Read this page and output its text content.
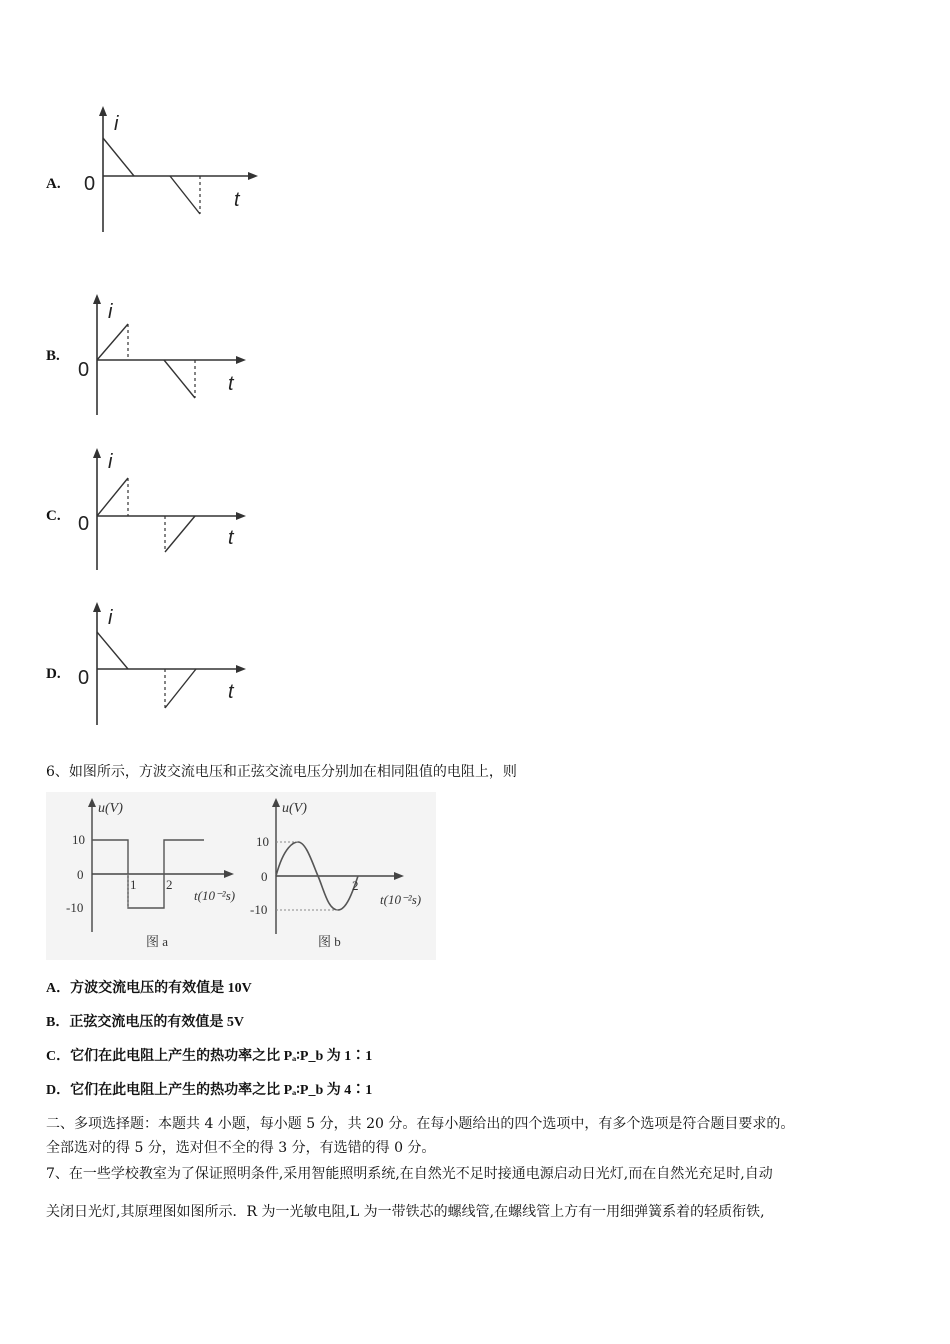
A.
i
0
t
B.
i
0
t
C.
i
0
t
D.
i
0
t
6、如图所示，方波交流电压和正弦交流电压分别加在相同阻值的电阻上，则
u(V)
10
0
-10
1 2
t(10⁻²s)
图 a
u(V)
10
0
-10
2
t(10⁻²s)
图 b
A．方波交流电压的有效值是 10V
B．正弦交流电压的有效值是 5V
C．它们在此电阻上产生的热功率之比 Pₐ∶P_b 为 1∶1
D．它们在此电阻上产生的热功率之比 Pₐ∶P_b 为 4∶1
二、多项选择题：本题共 4 小题，每小题 5 分，共 20 分。在每小题给出的四个选项中，有多个选项是符合题目要求的。
全部选对的得 5 分，选对但不全的得 3 分，有选错的得 0 分。
7、在一些学校教室为了保证照明条件,采用智能照明系统,在自然光不足时接通电源启动日光灯,而在自然光充足时,自动
关闭日光灯,其原理图如图所示．R 为一光敏电阻,L 为一带铁芯的螺线管,在螺线管上方有一用细弹簧系着的轻质衔铁,
